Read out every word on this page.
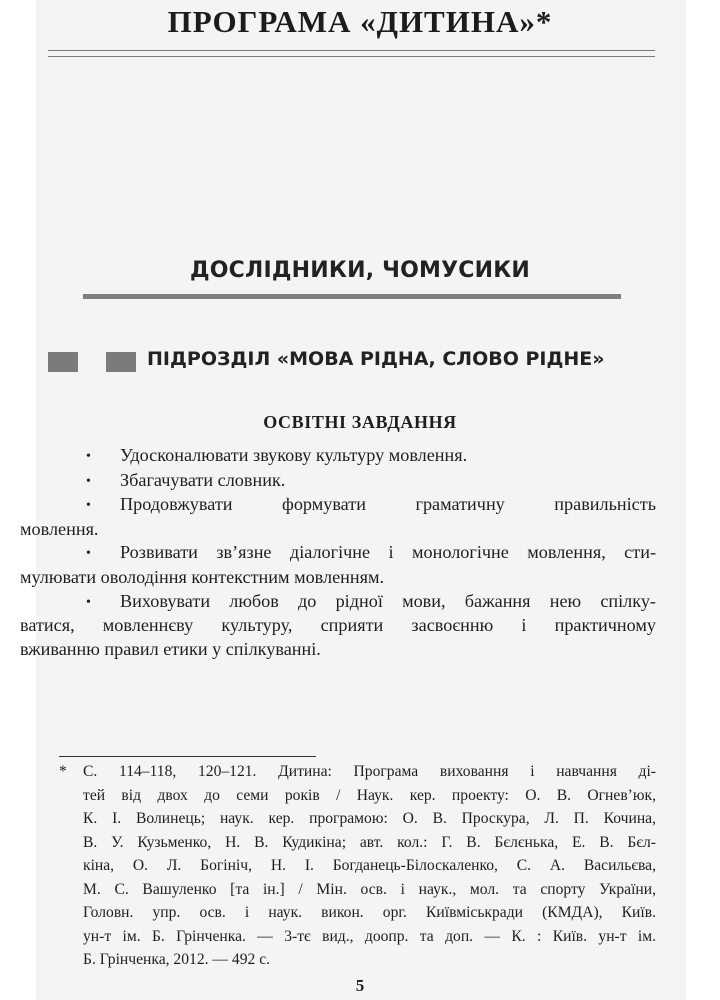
ПРОГРАМА «ДИТИНА»*
ДОСЛІДНИКИ, ЧОМУСИКИ
ПІДРОЗДІЛ «МОВА РІДНА, СЛОВО РІДНЕ»
ОСВІТНІ ЗАВДАННЯ
• Удосконалювати звукову культуру мовлення.
• Збагачувати словник.
• Продовжувати формувати граматичну правильність
мовлення.
• Розвивати зв’язне діалогічне і монологічне мовлення, сти-
мулювати оволодіння контекстним мовленням.
• Виховувати любов до рідної мови, бажання нею спілку-
ватися, мовленнєву культуру, сприяти засвоєнню і практичному
вживанню правил етики у спілкуванні.
* С. 114–118, 120–121. Дитина: Програма виховання і навчання ді-
тей від двох до семи років / Наук. кер. проекту: О. В. Огнев’юк,
К. І. Волинець; наук. кер. програмою: О. В. Проскура, Л. П. Кочина,
В. У. Кузьменко, Н. В. Кудикіна; авт. кол.: Г. В. Бєлєнька, Е. В. Бєл-
кіна, О. Л. Богініч, Н. І. Богданець-Білоскаленко, С. А. Васильєва,
М. С. Вашуленко [та ін.] / Мін. осв. і наук., мол. та спорту України,
Головн. упр. осв. і наук. викон. орг. Київміськради (КМДА), Київ.
ун-т ім. Б. Грінченка. — 3-тє вид., доопр. та доп. — К. : Київ. ун-т ім.
Б. Грінченка, 2012. — 492 с.
5
